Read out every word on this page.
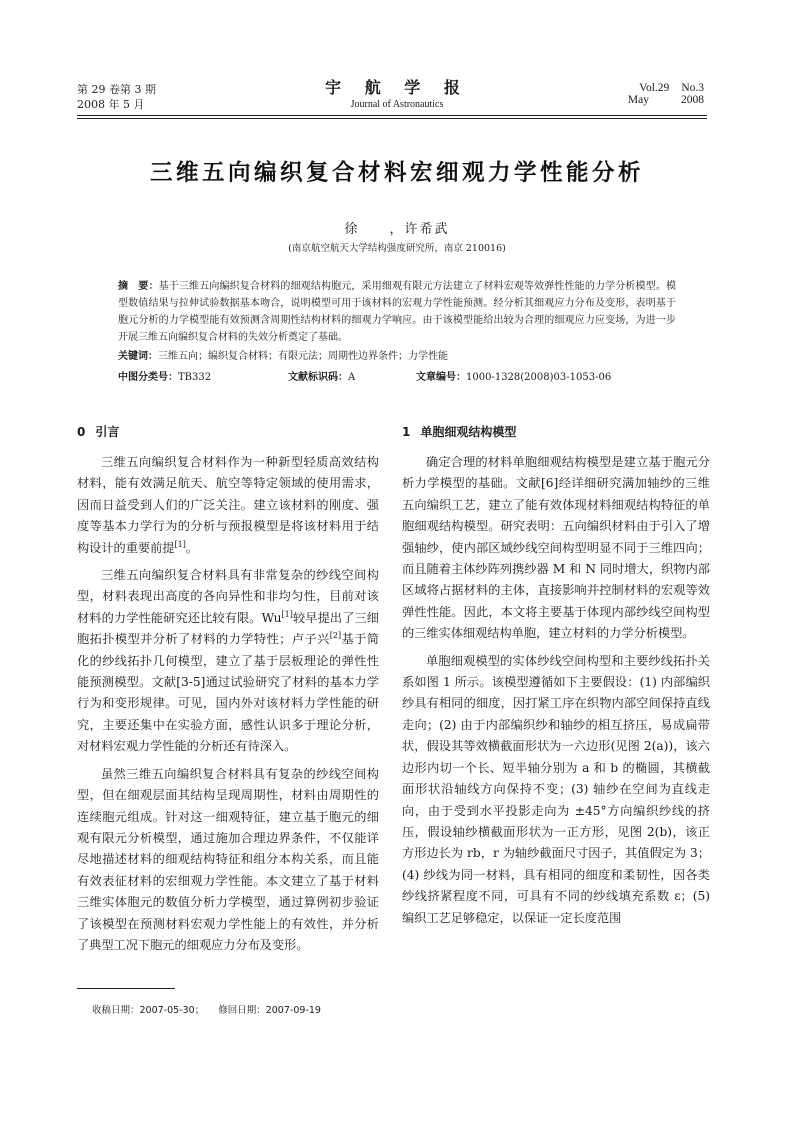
第 29 卷第 3 期
2008 年 5 月
宇 航 学 报
Journal of Astronautics
Vol.29 No.3
May	2008
三维五向编织复合材料宏细观力学性能分析
徐　　，许希武
(南京航空航天大学结构强度研究所，南京 210016)
摘　要：基于三维五向编织复合材料的细观结构胞元，采用细观有限元方法建立了材料宏观等效弹性性能的力学分析模型。模型数值结果与拉伸试验数据基本吻合，说明模型可用于该材料的宏观力学性能预测。经分析其细观应力分布及变形，表明基于胞元分析的力学模型能有效预测含周期性结构材料的细观力学响应。由于该模型能给出较为合理的细观应力应变场，为进一步开展三维五向编织复合材料的失效分析奠定了基础。
关键词：三维五向；编织复合材料；有限元法；周期性边界条件；力学性能
中图分类号：TB332	文献标识码：A	文章编号：1000-1328(2008)03-1053-06
0 引言	1 单胞细观结构模型

三维五向编织复合材料作为一种新型轻质高效结构材料，能有效满足航天、航空等特定领域的使用需求，因而日益受到人们的广泛关注。建立该材料的刚度、强度等基本力学行为的分析与预报模型是将该材料用于结构设计的重要前提[1]。

三维五向编织复合材料具有非常复杂的纱线空间构型，材料表现出高度的各向异性和非均匀性，目前对该材料的力学性能研究还比较有限。Wu[1]较早提出了三细胞拓扑模型并分析了材料的力学特性；卢子兴[2]基于简化的纱线拓扑几何模型，建立了基于层板理论的弹性性能预测模型。文献[3-5]通过试验研究了材料的基本力学行为和变形规律。可见，国内外对该材料力学性能的研究，主要还集中在实验方面，感性认识多于理论分析，对材料宏观力学性能的分析还有待深入。

虽然三维五向编织复合材料具有复杂的纱线空间构型，但在细观层面其结构呈现周期性，材料由周期性的连续胞元组成。针对这一细观特征，建立基于胞元的细观有限元分析模型，通过施加合理边界条件，不仅能详尽地描述材料的细观结构特征和组分本构关系，而且能有效表征材料的宏细观力学性能。本文建立了基于材料三维实体胞元的数值分析力学模型，通过算例初步验证了该模型在预测材料宏观力学性能上的有效性，并分析了典型工况下胞元的细观应力分布及变形。

确定合理的材料单胞细观结构模型是建立基于胞元分析力学模型的基础。文献[6]经详细研究满加轴纱的三维五向编织工艺，建立了能有效体现材料细观结构特征的单胞细观结构模型。研究表明：五向编织材料由于引入了增强轴纱，使内部区域纱线空间构型明显不同于三维四向；而且随着主体纱阵列携纱器 M 和 N 同时增大，织物内部区域将占据材料的主体，直接影响并控制材料的宏观等效弹性性能。因此，本文将主要基于体现内部纱线空间构型的三维实体细观结构单胞，建立材料的力学分析模型。

单胞细观模型的实体纱线空间构型和主要纱线拓扑关系如图 1 所示。该模型遵循如下主要假设：(1) 内部编织纱具有相同的细度，因打紧工序在织物内部空间保持直线走向；(2) 由于内部编织纱和轴纱的相互挤压，易成扁带状，假设其等效横截面形状为一六边形(见图 2(a))，该六边形内切一个长、短半轴分别为 a 和 b 的椭圆，其横截面形状沿轴线方向保持不变；(3) 轴纱在空间为直线走向，由于受到水平投影走向为 ±45°方向编织纱线的挤压，假设轴纱横截面形状为一正方形，见图 2(b)，该正方形边长为 rb，r 为轴纱截面尺寸因子，其值假定为 3；(4) 纱线为同一材料，具有相同的细度和柔韧性，因各类纱线挤紧程度不同，可具有不同的纱线填充系数 ε；(5) 编织工艺足够稳定，以保证一定长度范围

收稿日期：2007-05-30； 修回日期：2007-09-19
